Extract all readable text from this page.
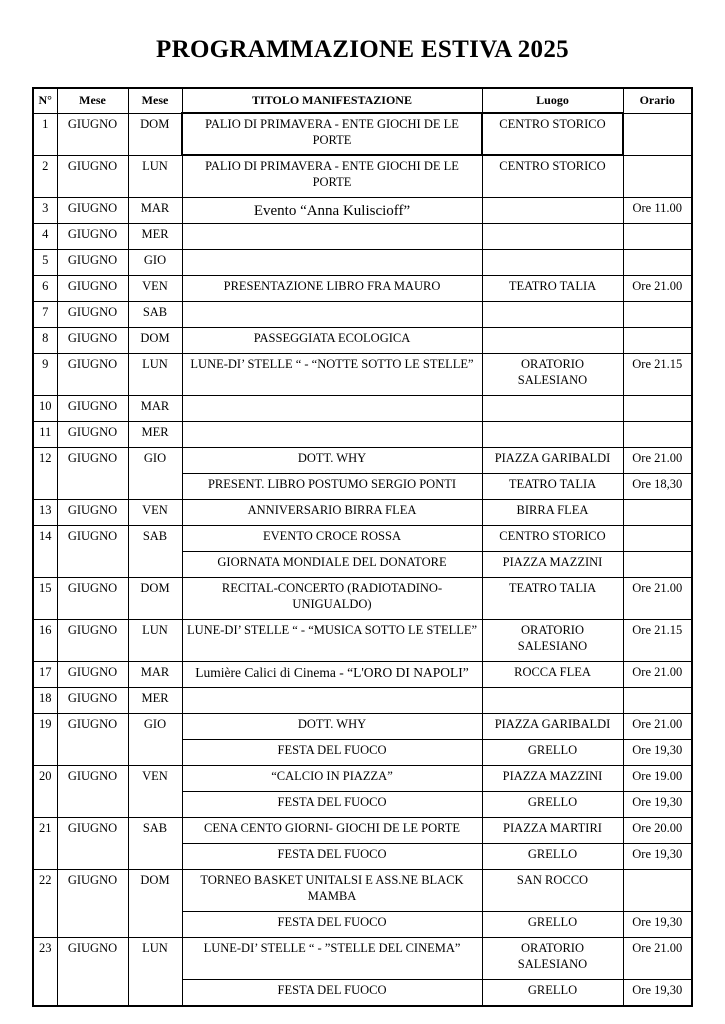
PROGRAMMAZIONE ESTIVA 2025
N°	Mese	Mese	TITOLO MANIFESTAZIONE	Luogo	Orario
1	GIUGNO	DOM	PALIO DI PRIMAVERA - ENTE GIOCHI DE LE PORTE	CENTRO STORICO	
2	GIUGNO	LUN	PALIO DI PRIMAVERA - ENTE GIOCHI DE LE PORTE	CENTRO STORICO	
3	GIUGNO	MAR	Evento “Anna Kuliscioff”		Ore 11.00
4	GIUGNO	MER			
5	GIUGNO	GIO			
6	GIUGNO	VEN	PRESENTAZIONE LIBRO FRA MAURO	TEATRO TALIA	Ore 21.00
7	GIUGNO	SAB			
8	GIUGNO	DOM	PASSEGGIATA ECOLOGICA		
9	GIUGNO	LUN	LUNE-DI’ STELLE “ - “NOTTE SOTTO LE STELLE”	ORATORIO SALESIANO	Ore 21.15
10	GIUGNO	MAR			
11	GIUGNO	MER			
12	GIUGNO	GIO	DOTT. WHY	PIAZZA GARIBALDI	Ore 21.00
			PRESENT. LIBRO POSTUMO SERGIO PONTI	TEATRO TALIA	Ore 18,30
13	GIUGNO	VEN	ANNIVERSARIO BIRRA FLEA	BIRRA FLEA	
14	GIUGNO	SAB	EVENTO CROCE ROSSA	CENTRO STORICO	
			GIORNATA MONDIALE DEL DONATORE	PIAZZA MAZZINI	
15	GIUGNO	DOM	RECITAL-CONCERTO (RADIOTADINO-UNIGUALDO)	TEATRO TALIA	Ore 21.00
16	GIUGNO	LUN	LUNE-DI’ STELLE “ - “MUSICA SOTTO LE STELLE”	ORATORIO SALESIANO	Ore 21.15
17	GIUGNO	MAR	Lumière Calici di Cinema - “L'ORO DI NAPOLI”	ROCCA FLEA	Ore 21.00
18	GIUGNO	MER			
19	GIUGNO	GIO	DOTT. WHY	PIAZZA GARIBALDI	Ore 21.00
			FESTA DEL FUOCO	GRELLO	Ore 19,30
20	GIUGNO	VEN	“CALCIO IN PIAZZA”	PIAZZA MAZZINI	Ore 19.00
			FESTA DEL FUOCO	GRELLO	Ore 19,30
21	GIUGNO	SAB	CENA CENTO GIORNI- GIOCHI DE LE PORTE	PIAZZA MARTIRI	Ore 20.00
			FESTA DEL FUOCO	GRELLO	Ore 19,30
22	GIUGNO	DOM	TORNEO BASKET UNITALSI E ASS.NE BLACK MAMBA	SAN ROCCO	
			FESTA DEL FUOCO	GRELLO	Ore 19,30
23	GIUGNO	LUN	LUNE-DI’ STELLE “ - ”STELLE DEL CINEMA”	ORATORIO SALESIANO	Ore 21.00
			FESTA DEL FUOCO	GRELLO	Ore 19,30
